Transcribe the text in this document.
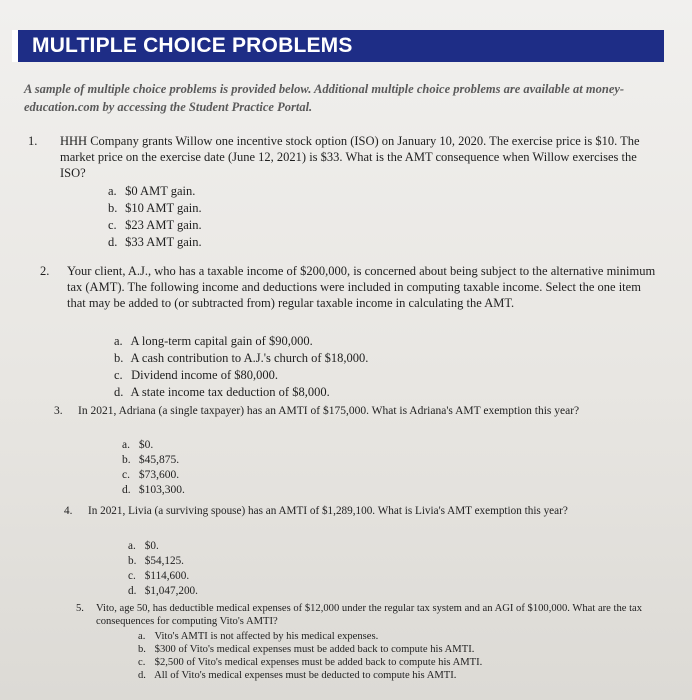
MULTIPLE CHOICE PROBLEMS
A sample of multiple choice problems is provided below. Additional multiple choice problems are available at money-education.com by accessing the Student Practice Portal.
1. HHH Company grants Willow one incentive stock option (ISO) on January 10, 2020. The exercise price is $10. The market price on the exercise date (June 12, 2021) is $33. What is the AMT consequence when Willow exercises the ISO?
a. $0 AMT gain.
b. $10 AMT gain.
c. $23 AMT gain.
d. $33 AMT gain.
2. Your client, A.J., who has a taxable income of $200,000, is concerned about being subject to the alternative minimum tax (AMT). The following income and deductions were included in computing taxable income. Select the one item that may be added to (or subtracted from) regular taxable income in calculating the AMT.
a. A long-term capital gain of $90,000.
b. A cash contribution to A.J.'s church of $18,000.
c. Dividend income of $80,000.
d. A state income tax deduction of $8,000.
3. In 2021, Adriana (a single taxpayer) has an AMTI of $175,000. What is Adriana's AMT exemption this year?
a. $0.
b. $45,875.
c. $73,600.
d. $103,300.
4. In 2021, Livia (a surviving spouse) has an AMTI of $1,289,100. What is Livia's AMT exemption this year?
a. $0.
b. $54,125.
c. $114,600.
d. $1,047,200.
5. Vito, age 50, has deductible medical expenses of $12,000 under the regular tax system and an AGI of $100,000. What are the tax consequences for computing Vito's AMTI?
a. Vito's AMTI is not affected by his medical expenses.
b. $300 of Vito's medical expenses must be added back to compute his AMTI.
c. $2,500 of Vito's medical expenses must be added back to compute his AMTI.
d. All of Vito's medical expenses must be deducted to compute his AMTI.
